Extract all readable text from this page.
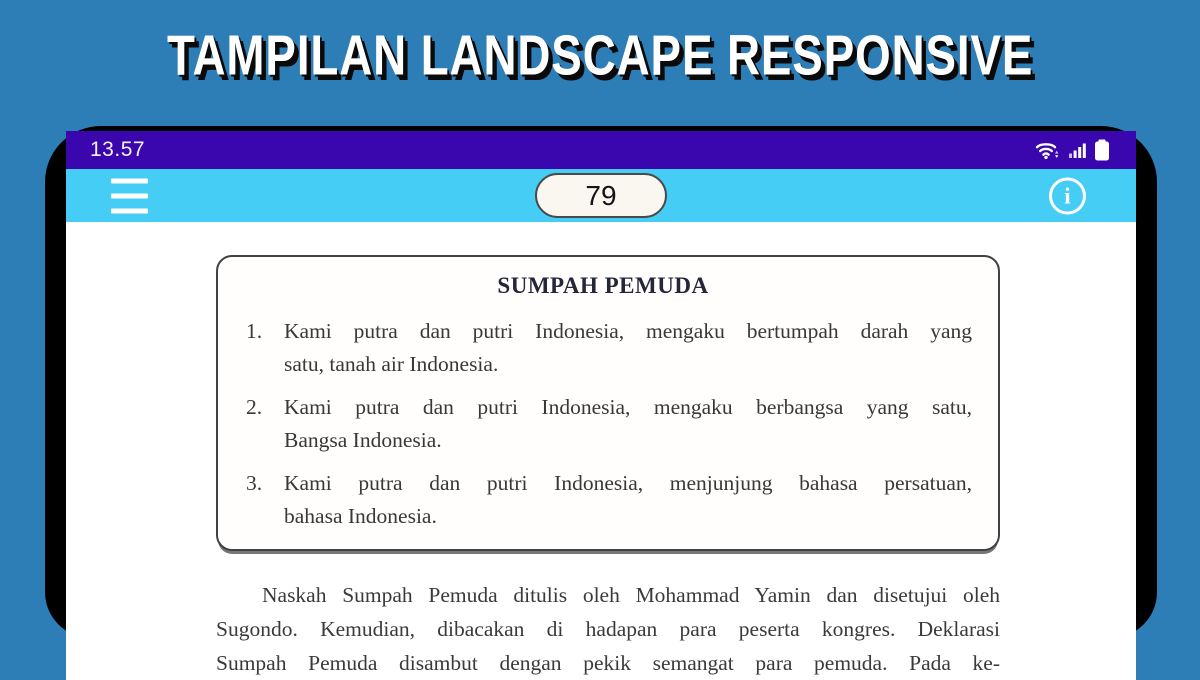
TAMPILAN LANDSCAPE RESPONSIVE
13.57
79	i
SUMPAH PEMUDA
1.	Kami putra dan putri Indonesia, mengaku bertumpah darah yang
satu, tanah air Indonesia.
2.	Kami putra dan putri Indonesia, mengaku berbangsa yang satu,
Bangsa Indonesia.
3.	Kami putra dan putri Indonesia, menjunjung bahasa persatuan,
bahasa Indonesia.
Naskah Sumpah Pemuda ditulis oleh Mohammad Yamin dan disetujui oleh
Sugondo. Kemudian, dibacakan di hadapan para peserta kongres. Deklarasi
Sumpah Pemuda disambut dengan pekik semangat para pemuda. Pada ke-
